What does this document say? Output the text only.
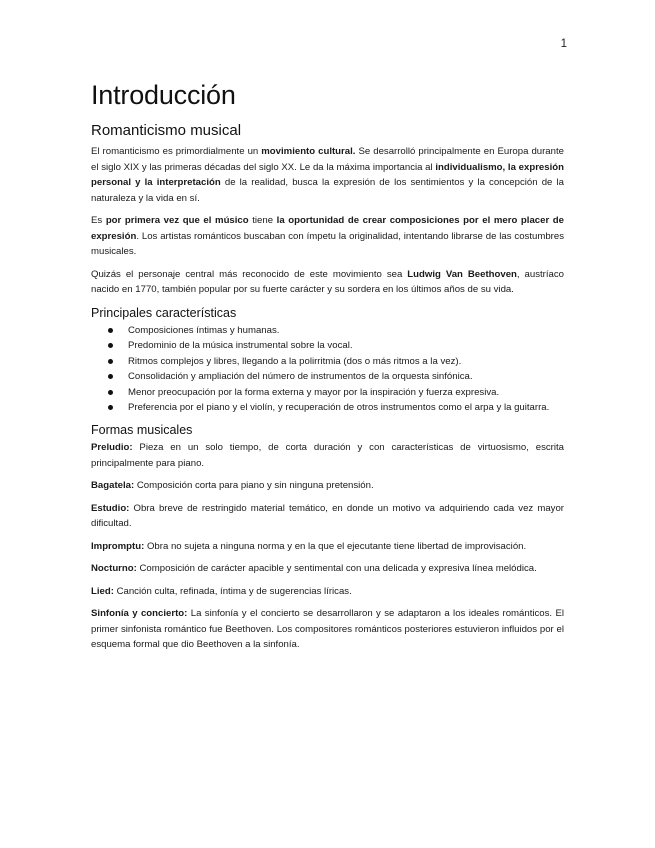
1
Introducción
Romanticismo musical

El romanticismo es primordialmente un movimiento cultural. Se desarrolló principalmente en Europa durante el siglo XIX y las primeras décadas del siglo XX. Le da la máxima importancia al individualismo, la expresión personal y la interpretación de la realidad, busca la expresión de los sentimientos y la concepción de la naturaleza y la vida en sí.

Es por primera vez que el músico tiene la oportunidad de crear composiciones por el mero placer de expresión. Los artistas románticos buscaban con ímpetu la originalidad, intentando librarse de las costumbres musicales.

Quizás el personaje central más reconocido de este movimiento sea Ludwig Van Beethoven, austríaco nacido en 1770, también popular por su fuerte carácter y su sordera en los últimos años de su vida.

Principales características
Composiciones íntimas y humanas.
Predominio de la música instrumental sobre la vocal.
Ritmos complejos y libres, llegando a la polirritmia (dos o más ritmos a la vez).
Consolidación y ampliación del número de instrumentos de la orquesta sinfónica.
Menor preocupación por la forma externa y mayor por la inspiración y fuerza expresiva.
Preferencia por el piano y el violín, y recuperación de otros instrumentos como el arpa y la guitarra.
Formas musicales

Preludio: Pieza en un solo tiempo, de corta duración y con características de virtuosismo, escrita principalmente para piano.

Bagatela: Composición corta para piano y sin ninguna pretensión.

Estudio: Obra breve de restringido material temático, en donde un motivo va adquiriendo cada vez mayor dificultad.

Impromptu: Obra no sujeta a ninguna norma y en la que el ejecutante tiene libertad de improvisación.

Nocturno: Composición de carácter apacible y sentimental con una delicada y expresiva línea melódica.

Lied: Canción culta, refinada, íntima y de sugerencias líricas.

Sinfonía y concierto: La sinfonía y el concierto se desarrollaron y se adaptaron a los ideales románticos. El primer sinfonista romántico fue Beethoven. Los compositores románticos posteriores estuvieron influidos por el esquema formal que dio Beethoven a la sinfonía.
